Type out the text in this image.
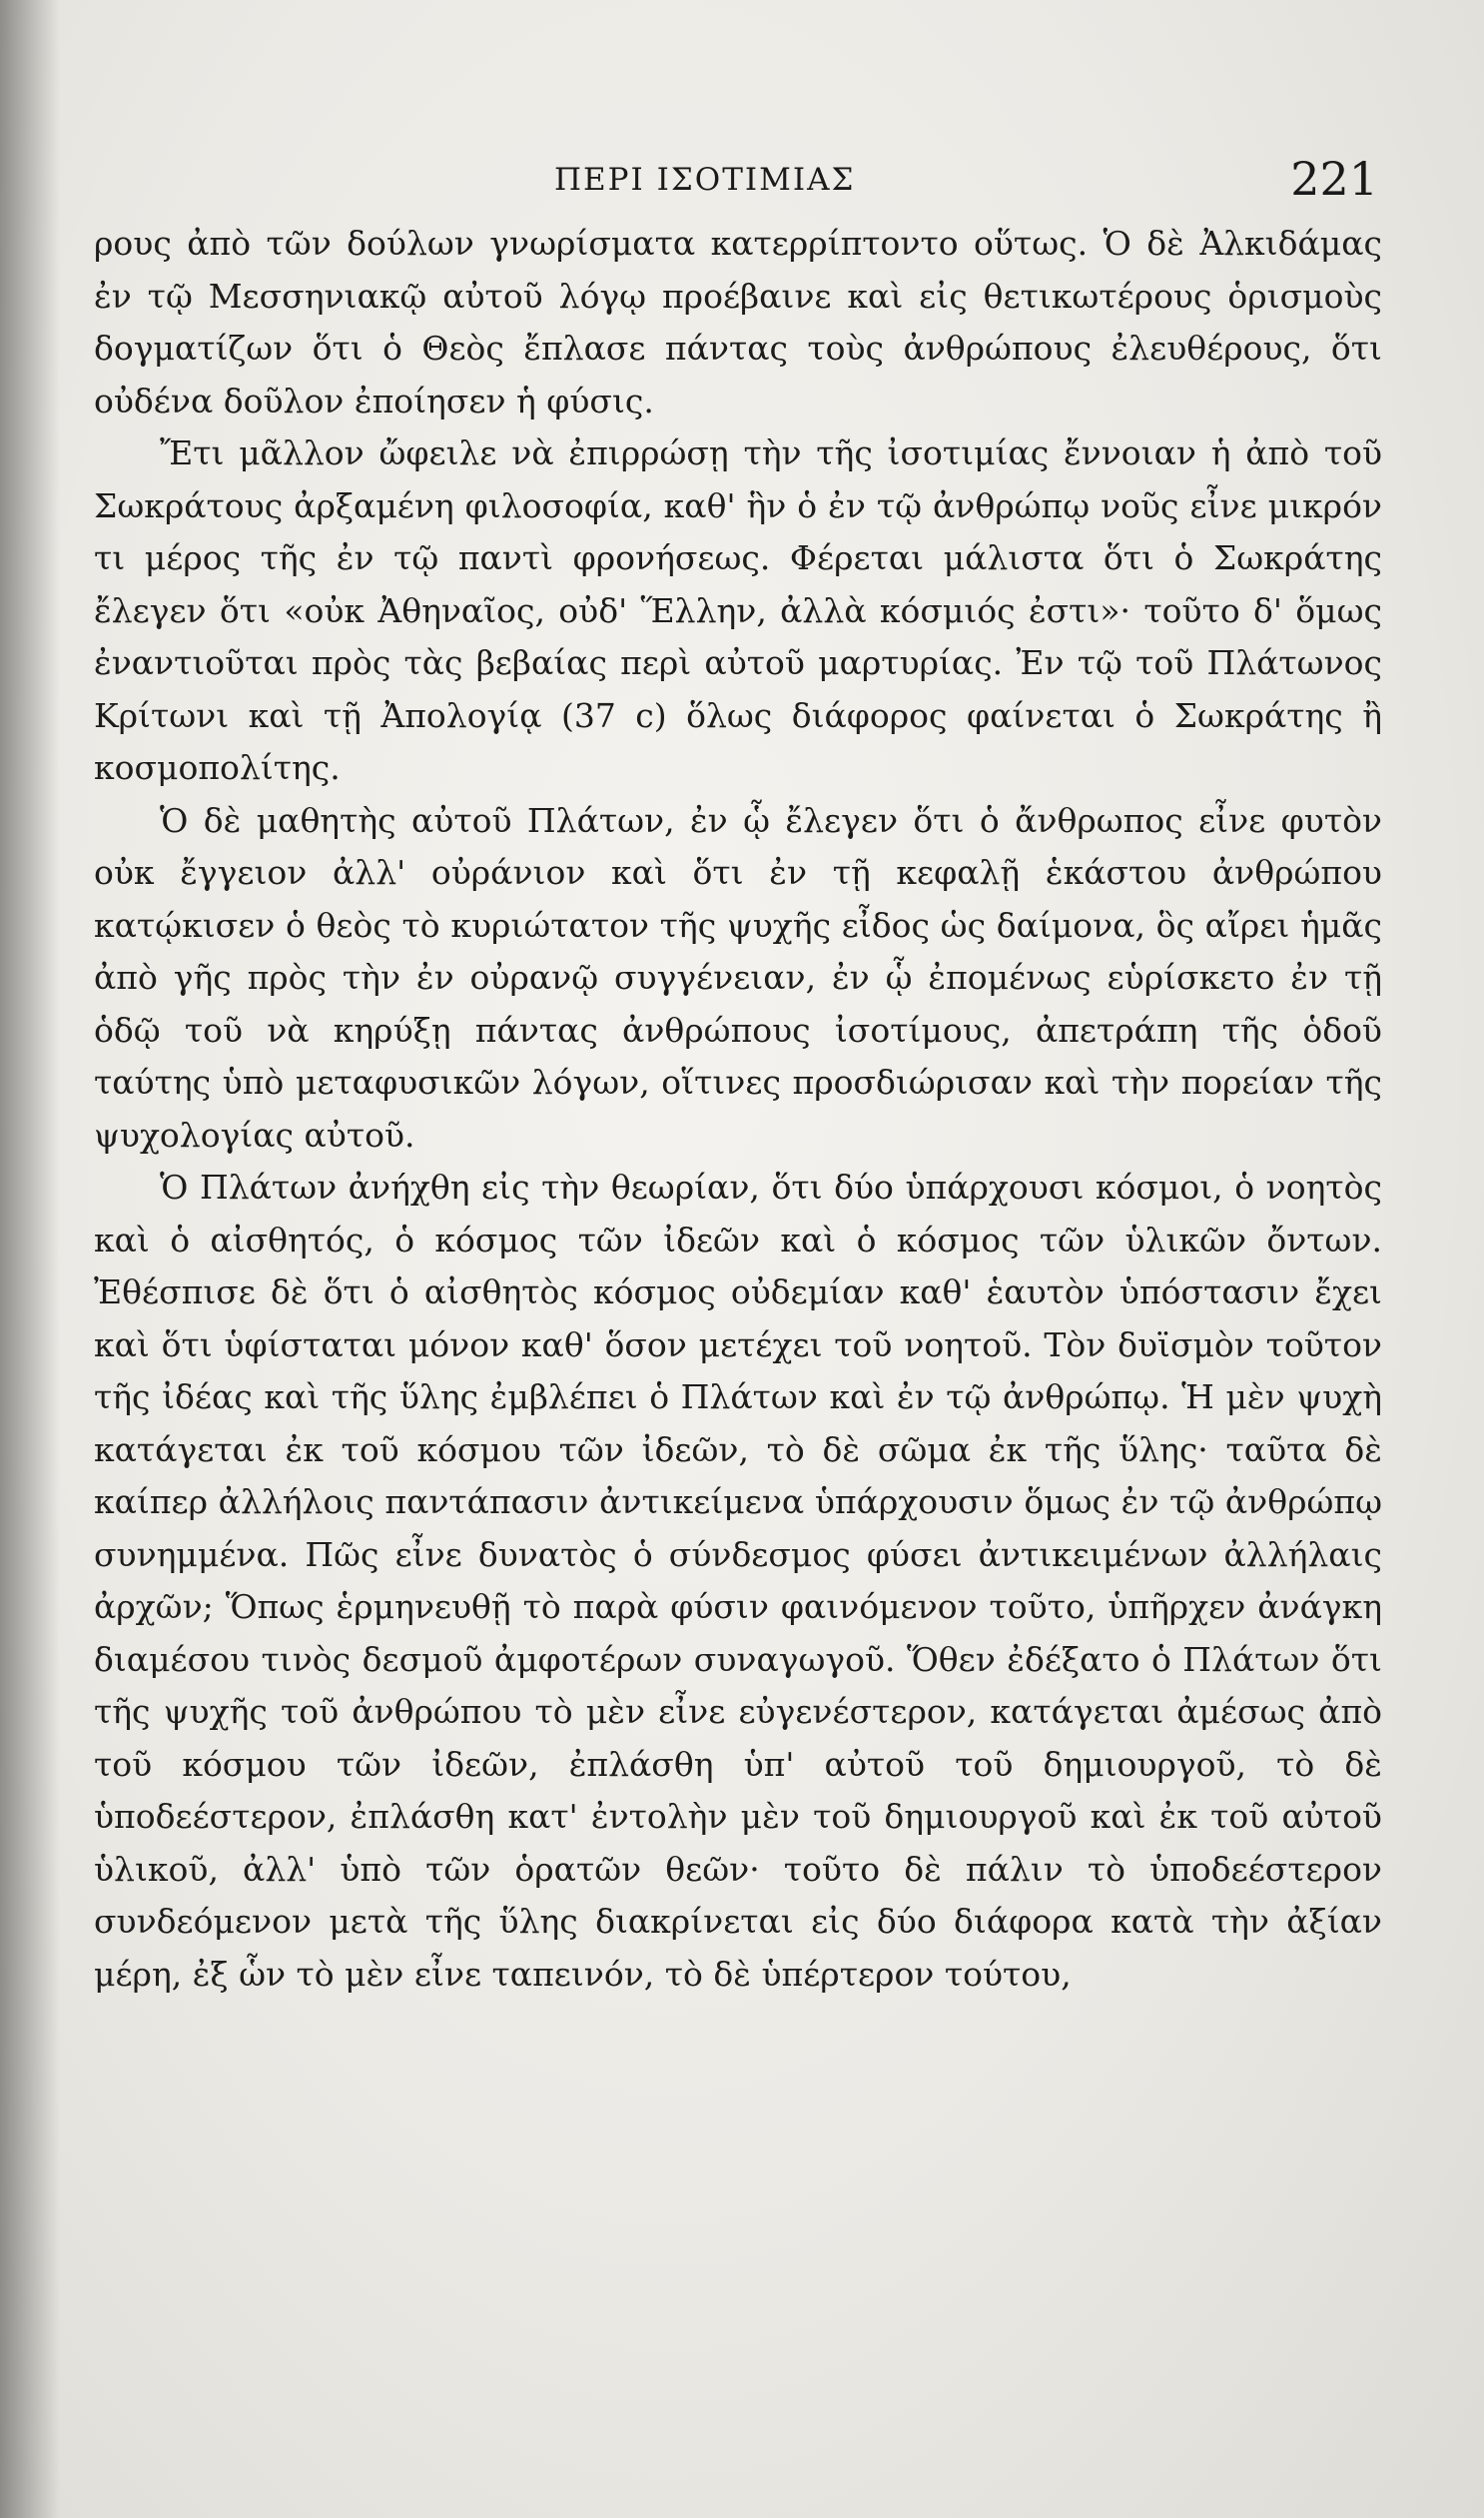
ΠΕΡΙ ΙΣΟΤΙΜΙΑΣ	221

ρους ἀπὸ τῶν δούλων γνωρίσματα κατερρίπτοντο οὕτως. Ὁ δὲ Ἀλκιδάμας ἐν τῷ Μεσσηνιακῷ αὐτοῦ λόγῳ προέβαινε καὶ εἰς θετικωτέρους ὁρισμοὺς δογματίζων ὅτι ὁ Θεὸς ἔπλασε πάντας τοὺς ἀνθρώπους ἐλευθέρους, ὅτι οὐδένα δοῦλον ἐποίησεν ἡ φύσις.

Ἔτι μᾶλλον ὤφειλε νὰ ἐπιρρώσῃ τὴν τῆς ἰσοτιμίας ἔννοιαν ἡ ἀπὸ τοῦ Σωκράτους ἀρξαμένη φιλοσοφία, καθ' ἣν ὁ ἐν τῷ ἀνθρώπῳ νοῦς εἶνε μικρόν τι μέρος τῆς ἐν τῷ παντὶ φρονήσεως. Φέρεται μάλιστα ὅτι ὁ Σωκράτης ἔλεγεν ὅτι «οὐκ Ἀθηναῖος, οὐδ' Ἕλλην, ἀλλὰ κόσμιός ἐστι»· τοῦτο δ' ὅμως ἐναντιοῦται πρὸς τὰς βεβαίας περὶ αὐτοῦ μαρτυρίας. Ἐν τῷ τοῦ Πλάτωνος Κρίτωνι καὶ τῇ Ἀπολογίᾳ (37 c) ὅλως διάφορος φαίνεται ὁ Σωκράτης ἢ κοσμοπολίτης.

Ὁ δὲ μαθητὴς αὐτοῦ Πλάτων, ἐν ᾧ ἔλεγεν ὅτι ὁ ἄνθρωπος εἶνε φυτὸν οὐκ ἔγγειον ἀλλ' οὐράνιον καὶ ὅτι ἐν τῇ κεφαλῇ ἑκάστου ἀνθρώπου κατῴκισεν ὁ θεὸς τὸ κυριώτατον τῆς ψυχῆς εἶδος ὡς δαίμονα, ὃς αἴρει ἡμᾶς ἀπὸ γῆς πρὸς τὴν ἐν οὐρανῷ συγγένειαν, ἐν ᾧ ἐπομένως εὑρίσκετο ἐν τῇ ὁδῷ τοῦ νὰ κηρύξῃ πάντας ἀνθρώπους ἰσοτίμους, ἀπετράπη τῆς ὁδοῦ ταύτης ὑπὸ μεταφυσικῶν λόγων, οἵτινες προσδιώρισαν καὶ τὴν πορείαν τῆς ψυχολογίας αὐτοῦ.

Ὁ Πλάτων ἀνήχθη εἰς τὴν θεωρίαν, ὅτι δύο ὑπάρχουσι κόσμοι, ὁ νοητὸς καὶ ὁ αἰσθητός, ὁ κόσμος τῶν ἰδεῶν καὶ ὁ κόσμος τῶν ὑλικῶν ὄντων. Ἐθέσπισε δὲ ὅτι ὁ αἰσθητὸς κόσμος οὐδεμίαν καθ' ἑαυτὸν ὑπόστασιν ἔχει καὶ ὅτι ὑφίσταται μόνον καθ' ὅσον μετέχει τοῦ νοητοῦ. Τὸν δυϊσμὸν τοῦτον τῆς ἰδέας καὶ τῆς ὕλης ἐμβλέπει ὁ Πλάτων καὶ ἐν τῷ ἀνθρώπῳ. Ἡ μὲν ψυχὴ κατάγεται ἐκ τοῦ κόσμου τῶν ἰδεῶν, τὸ δὲ σῶμα ἐκ τῆς ὕλης· ταῦτα δὲ καίπερ ἀλλήλοις παντάπασιν ἀντικείμενα ὑπάρχουσιν ὅμως ἐν τῷ ἀνθρώπῳ συνημμένα. Πῶς εἶνε δυνατὸς ὁ σύνδεσμος φύσει ἀντικειμένων ἀλλήλαις ἀρχῶν; Ὅπως ἑρμηνευθῇ τὸ παρὰ φύσιν φαινόμενον τοῦτο, ὑπῆρχεν ἀνάγκη διαμέσου τινὸς δεσμοῦ ἀμφοτέρων συναγωγοῦ. Ὅθεν ἐδέξατο ὁ Πλάτων ὅτι τῆς ψυχῆς τοῦ ἀνθρώπου τὸ μὲν εἶνε εὐγενέστερον, κατάγεται ἀμέσως ἀπὸ τοῦ κόσμου τῶν ἰδεῶν, ἐπλάσθη ὑπ' αὐτοῦ τοῦ δημιουργοῦ, τὸ δὲ ὑποδεέστερον, ἐπλάσθη κατ' ἐντολὴν μὲν τοῦ δημιουργοῦ καὶ ἐκ τοῦ αὐτοῦ ὑλικοῦ, ἀλλ' ὑπὸ τῶν ὁρατῶν θεῶν· τοῦτο δὲ πάλιν τὸ ὑποδεέστερον συνδεόμενον μετὰ τῆς ὕλης διακρίνεται εἰς δύο διάφορα κατὰ τὴν ἀξίαν μέρη, ἐξ ὧν τὸ μὲν εἶνε ταπεινόν, τὸ δὲ ὑπέρτερον τούτου,
